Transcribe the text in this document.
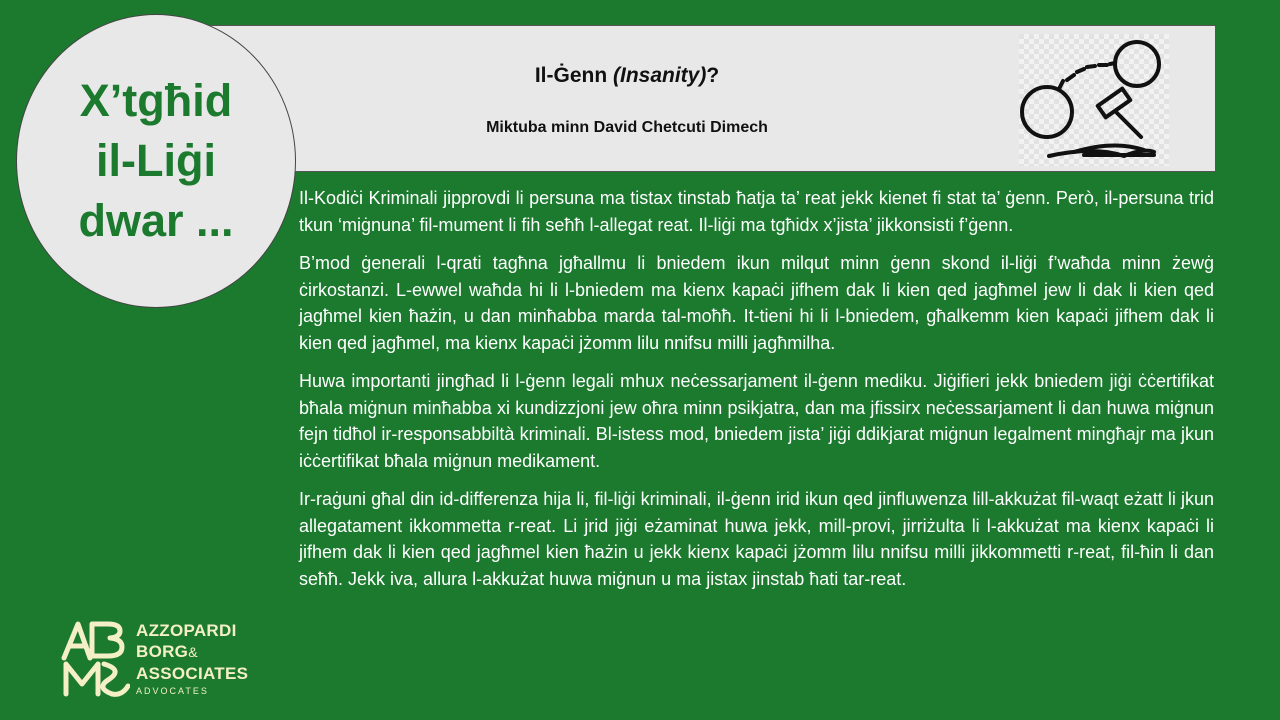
Il-Ġenn (Insanity)?
Miktuba minn David Chetcuti Dimech
X’tgħid
il-Liġi
dwar ...	Il-Kodiċi Kriminali jipprovdi li persuna ma tistax tinstab ħatja ta’ reat jekk kienet fi stat ta’ ġenn. Però, il-persuna trid tkun ‘miġnuna’ fil-mument li fih seħħ l-allegat reat. Il-liġi ma tgħidx x’jista’ jikkonsisti f’ġenn.

B’mod ġenerali l-qrati tagħna jgħallmu li bniedem ikun milqut minn ġenn skond il-liġi f’waħda minn żewġ ċirkostanzi. L-ewwel waħda hi li l-bniedem ma kienx kapaċi jifhem dak li kien qed jagħmel jew li dak li kien qed jagħmel kien ħażin, u dan minħabba marda tal-moħħ. It-tieni hi li l-bniedem, għalkemm kien kapaċi jifhem dak li kien qed jagħmel, ma kienx kapaċi jżomm lilu nnifsu milli jagħmilha.

Huwa importanti jingħad li l-ġenn legali mhux neċessarjament il-ġenn mediku. Jiġifieri jekk bniedem jiġi ċċertifikat bħala miġnun minħabba xi kundizzjoni jew oħra minn psikjatra, dan ma jfissirx neċessarjament li dan huwa miġnun fejn tidħol ir-responsabbiltà kriminali. Bl-istess mod, bniedem jista’ jiġi ddikjarat miġnun legalment mingħajr ma jkun iċċertifikat bħala miġnun medikament.

Ir-raġuni għal din id-differenza hija li, fil-liġi kriminali, il-ġenn irid ikun qed jinfluwenza lill-akkużat fil-waqt eżatt li jkun allegatament ikkommetta r-reat. Li jrid jiġi eżaminat huwa jekk, mill-provi, jirriżulta li l-akkużat ma kienx kapaċi li jifhem dak li kien qed jagħmel kien ħażin u jekk kienx kapaċi jżomm lilu nnifsu milli jikkommetti r-reat, fil-ħin li dan seħħ. Jekk iva, allura l-akkużat huwa miġnun u ma jistax jinstab ħati tar-reat.

AZZOPARDI
BORG&
ASSOCIATES
ADVOCATES
